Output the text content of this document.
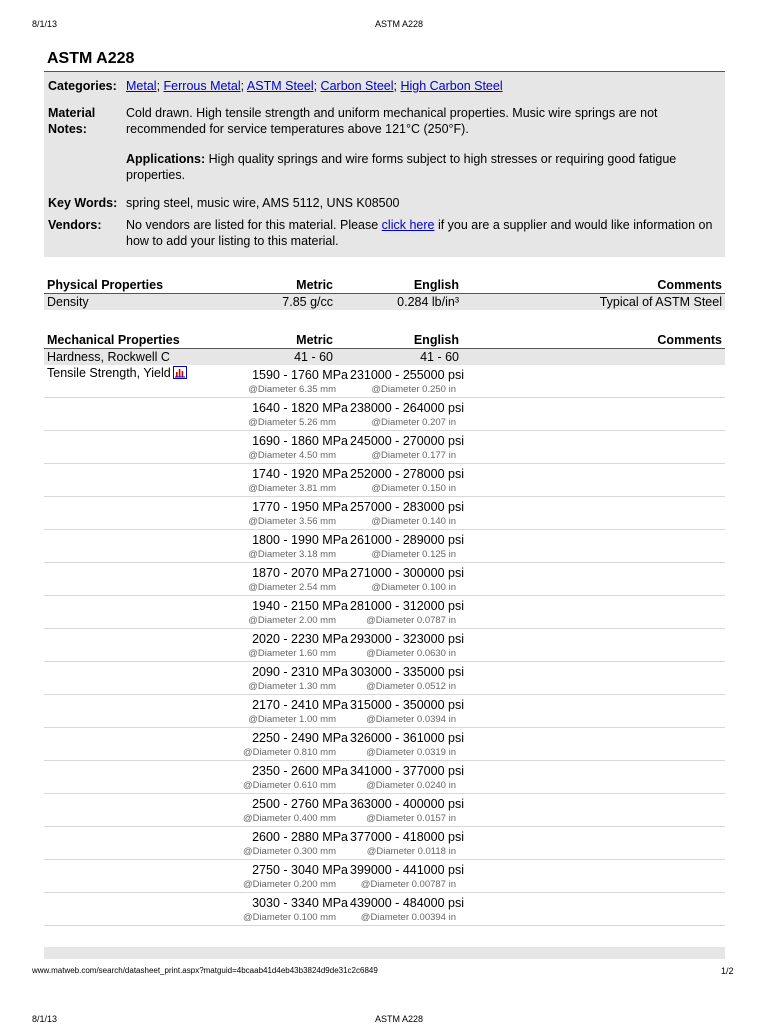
8/1/13	ASTM A228
ASTM A228
Categories: Metal; Ferrous Metal; ASTM Steel; Carbon Steel; High Carbon Steel
Material
Notes:
Cold drawn. High tensile strength and uniform mechanical properties. Music wire springs are not recommended for service temperatures above 121°C (250°F).
Applications: High quality springs and wire forms subject to high stresses or requiring good fatigue properties.
Key Words: spring steel, music wire, AMS 5112, UNS K08500
Vendors:	No vendors are listed for this material. Please click here if you are a supplier and would like information on how to add your listing to this material.
Physical Properties	Metric	English	Comments
Density	7.85 g/cc	0.284 lb/in³	Typical of ASTM Steel
Mechanical Properties	Metric	English	Comments
Hardness, Rockwell C	41 - 60	41 - 60	
Tensile Strength, Yield	1590 - 1760 MPa 231000 - 255000 psi
@Diameter 6.35 mm @Diameter 0.250 in		

	1640 - 1820 MPa 238000 - 264000 psi
@Diameter 5.26 mm @Diameter 0.207 in		

	1690 - 1860 MPa 245000 - 270000 psi
@Diameter 4.50 mm @Diameter 0.177 in		

	1740 - 1920 MPa 252000 - 278000 psi
@Diameter 3.81 mm @Diameter 0.150 in		

	1770 - 1950 MPa 257000 - 283000 psi
@Diameter 3.56 mm @Diameter 0.140 in		

	1800 - 1990 MPa 261000 - 289000 psi
@Diameter 3.18 mm @Diameter 0.125 in		

	1870 - 2070 MPa 271000 - 300000 psi
@Diameter 2.54 mm @Diameter 0.100 in		

	1940 - 2150 MPa 281000 - 312000 psi
@Diameter 2.00 mm @Diameter 0.0787 in		

	2020 - 2230 MPa 293000 - 323000 psi
@Diameter 1.60 mm @Diameter 0.0630 in		

	2090 - 2310 MPa 303000 - 335000 psi
@Diameter 1.30 mm @Diameter 0.0512 in		

	2170 - 2410 MPa 315000 - 350000 psi
@Diameter 1.00 mm @Diameter 0.0394 in		

	2250 - 2490 MPa 326000 - 361000 psi
@Diameter 0.810 mm @Diameter 0.0319 in		

	2350 - 2600 MPa 341000 - 377000 psi
@Diameter 0.610 mm @Diameter 0.0240 in		

	2500 - 2760 MPa 363000 - 400000 psi
@Diameter 0.400 mm @Diameter 0.0157 in		

	2600 - 2880 MPa 377000 - 418000 psi
@Diameter 0.300 mm @Diameter 0.0118 in		

	2750 - 3040 MPa 399000 - 441000 psi
@Diameter 0.200 mm @Diameter 0.00787 in		

	3030 - 3340 MPa 439000 - 484000 psi
@Diameter 0.100 mm @Diameter 0.00394 in		
www.matweb.com/search/datasheet_print.aspx?matguid=4bcaab41d4eb43b3824d9de31c2c6849	1/2
8/1/13	ASTM A228
